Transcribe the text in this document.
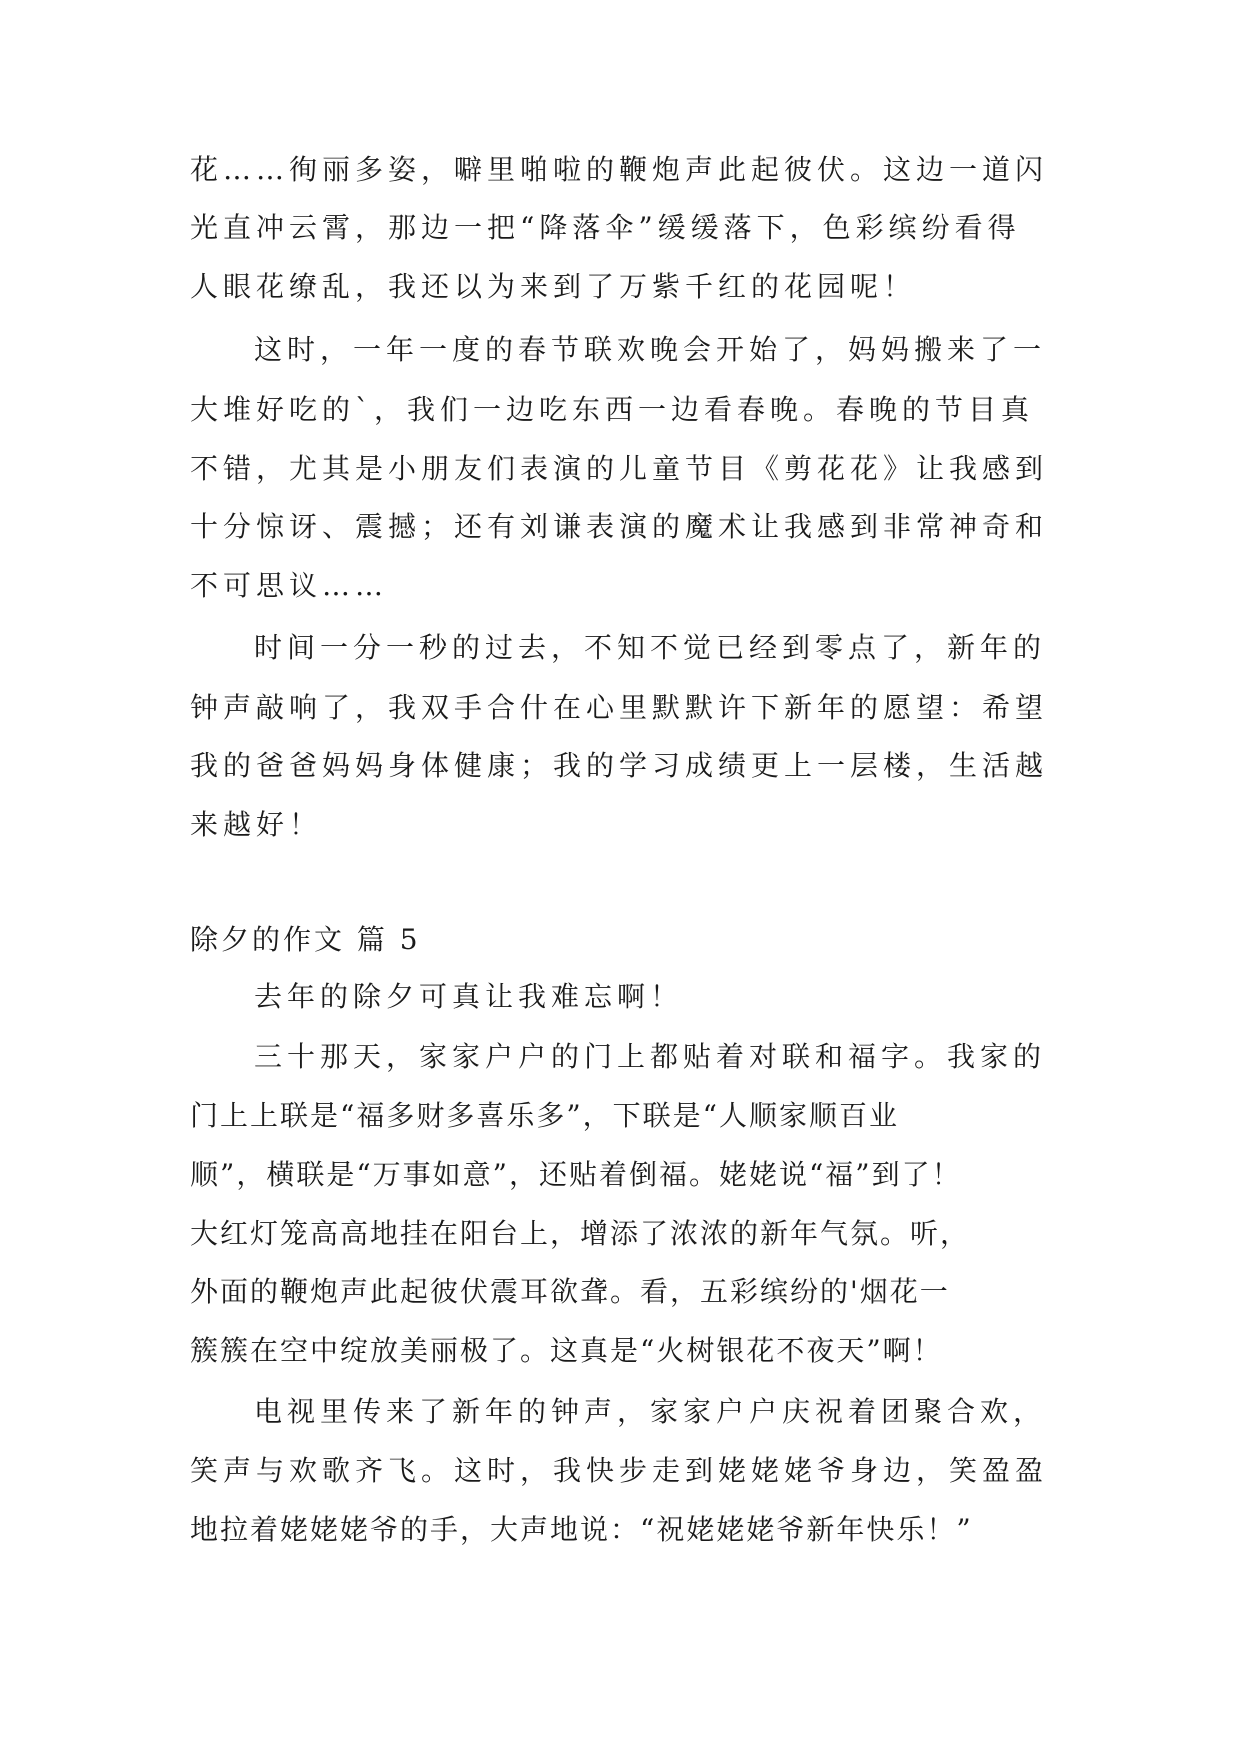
花……徇丽多姿，噼里啪啦的鞭炮声此起彼伏。这边一道闪
光直冲云霄，那边一把“降落伞”缓缓落下，色彩缤纷看得
人眼花缭乱，我还以为来到了万紫千红的花园呢！
这时，一年一度的春节联欢晚会开始了，妈妈搬来了一
大堆好吃的`，我们一边吃东西一边看春晚。春晚的节目真
不错，尤其是小朋友们表演的儿童节目《剪花花》让我感到
十分惊讶、震撼；还有刘谦表演的魔术让我感到非常神奇和
不可思议……
时间一分一秒的过去，不知不觉已经到零点了，新年的
钟声敲响了，我双手合什在心里默默许下新年的愿望：希望
我的爸爸妈妈身体健康；我的学习成绩更上一层楼，生活越
来越好！
除夕的作文 篇 5
去年的除夕可真让我难忘啊！
三十那天，家家户户的门上都贴着对联和福字。我家的
门上上联是“福多财多喜乐多”，下联是“人顺家顺百业
顺”，横联是“万事如意”，还贴着倒福。姥姥说“福”到了！
大红灯笼高高地挂在阳台上，增添了浓浓的新年气氛。听，
外面的鞭炮声此起彼伏震耳欲聋。看，五彩缤纷的'烟花一
簇簇在空中绽放美丽极了。这真是“火树银花不夜天”啊！
电视里传来了新年的钟声，家家户户庆祝着团聚合欢，
笑声与欢歌齐飞。这时，我快步走到姥姥姥爷身边，笑盈盈
地拉着姥姥姥爷的手，大声地说：“祝姥姥姥爷新年快乐！”
